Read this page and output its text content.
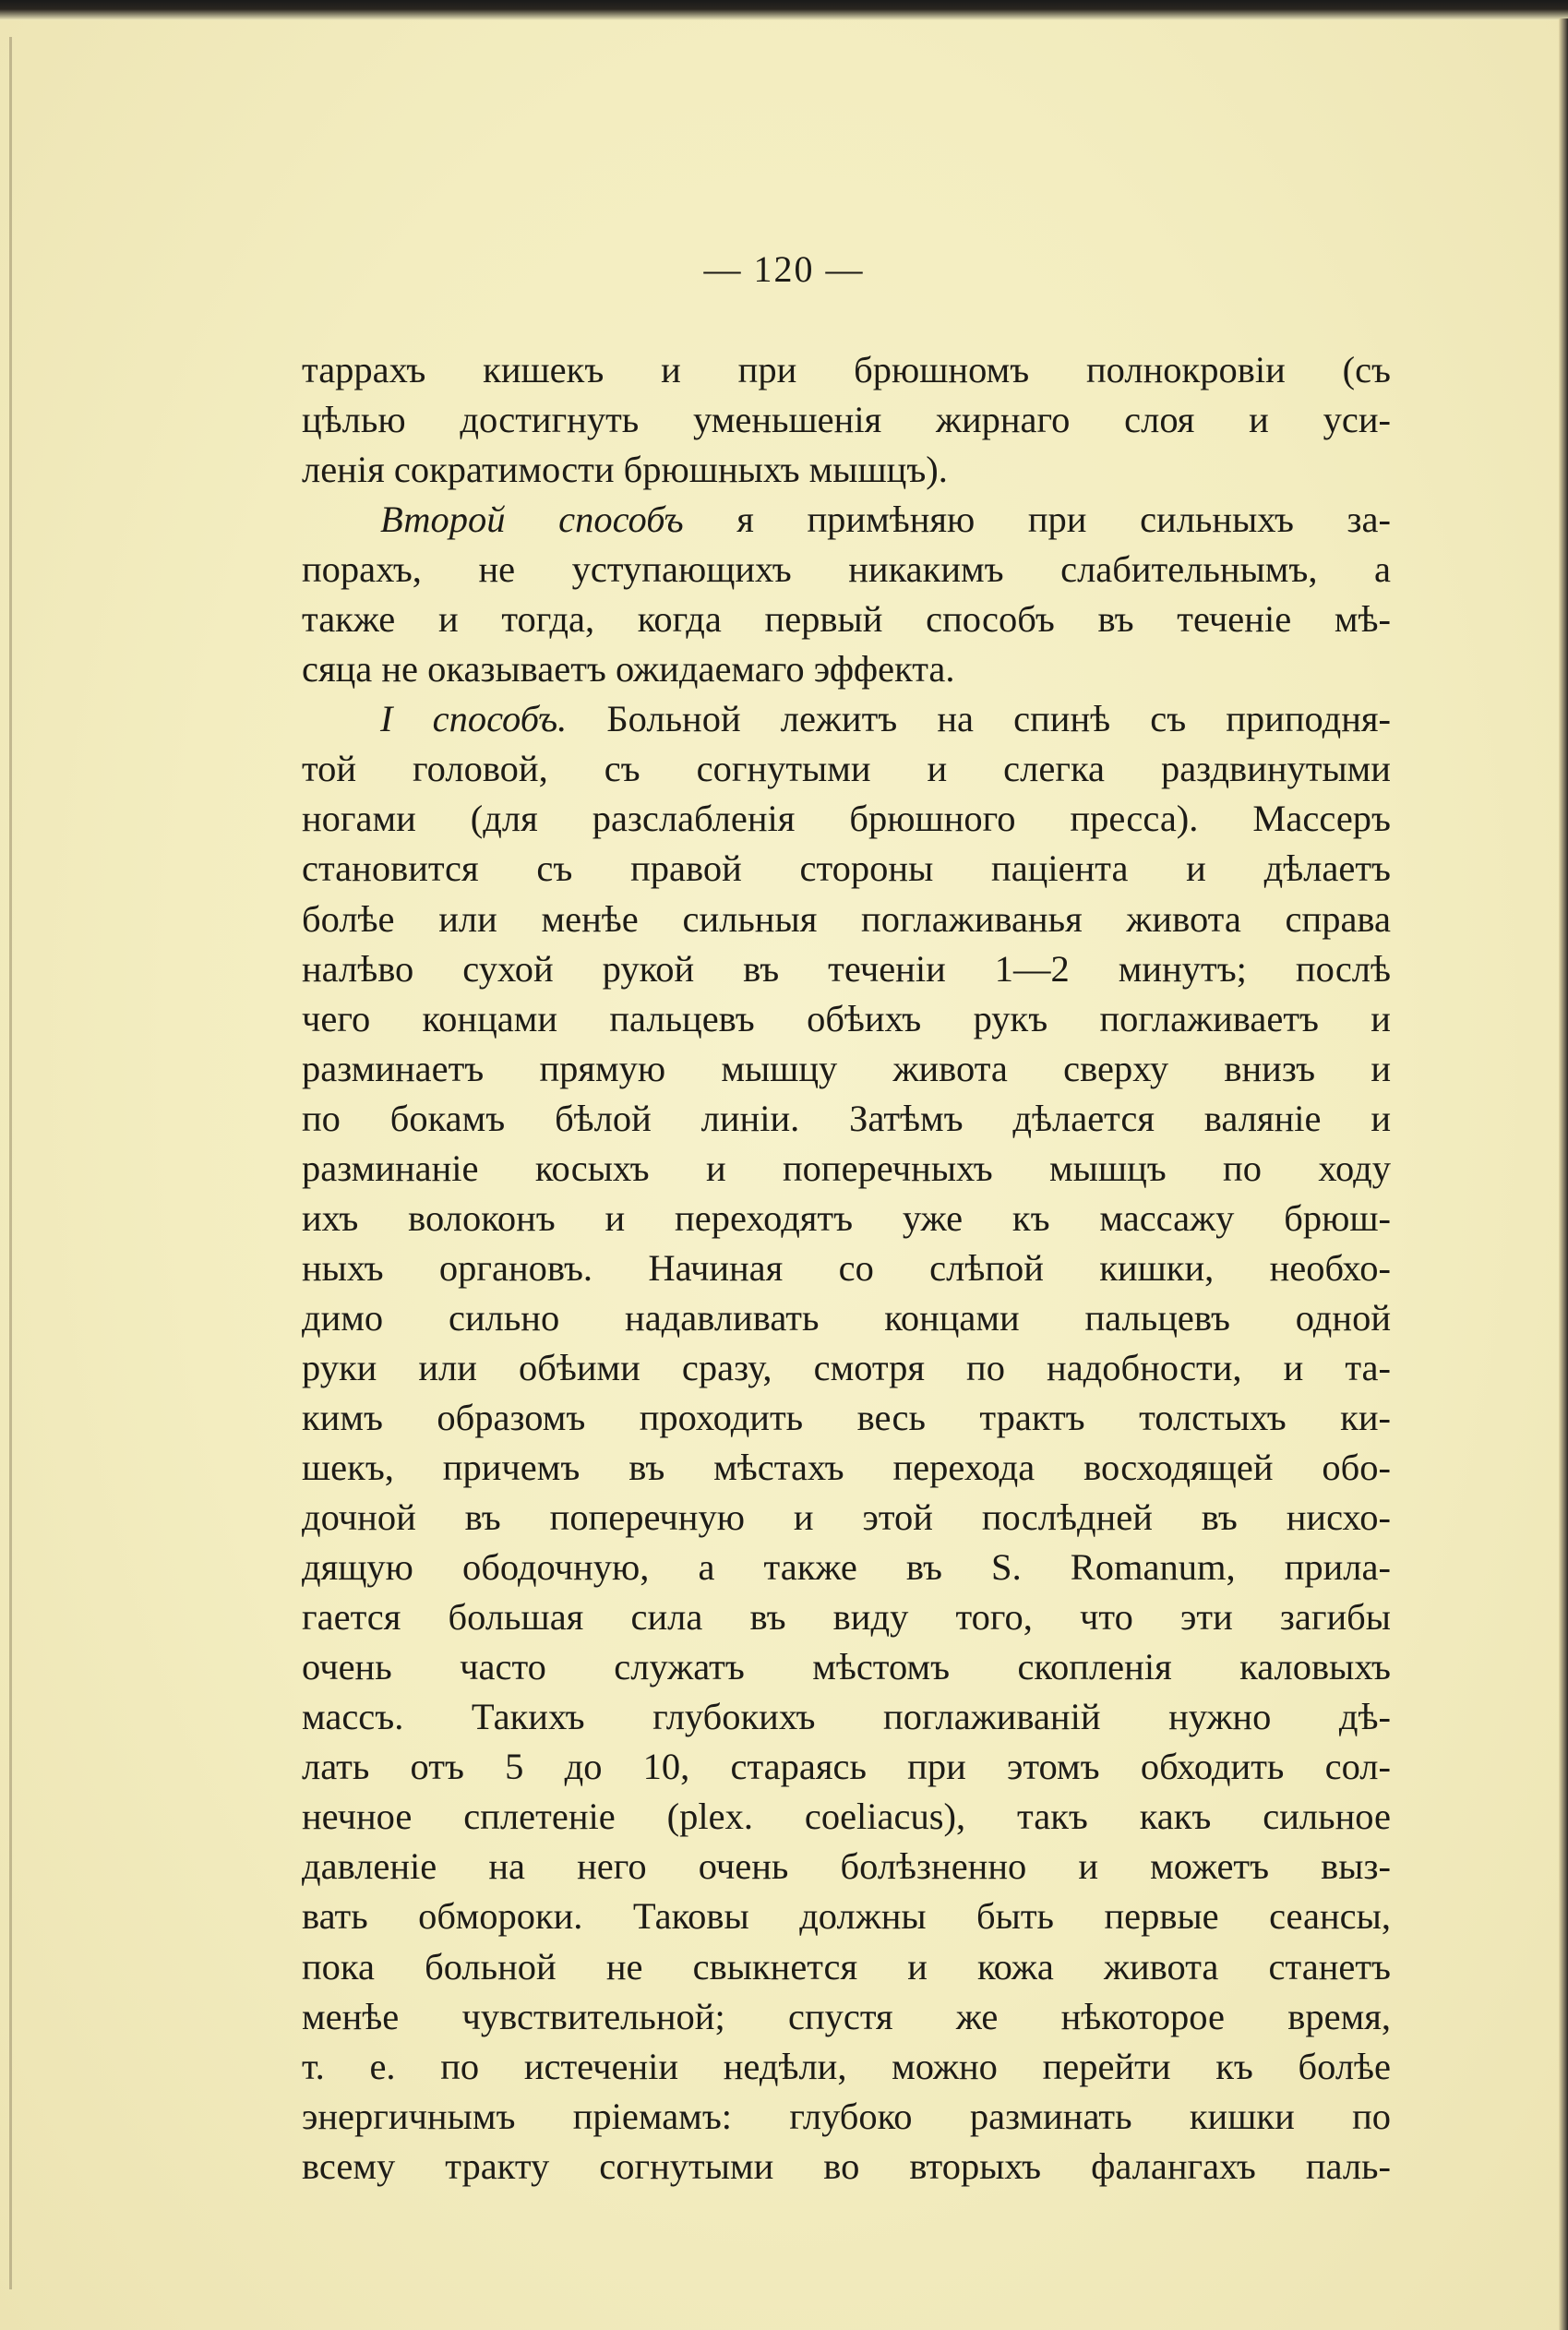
— 120 —
таррахъ кишекъ и при брюшномъ полнокровіи (съ
цѣлью достигнуть уменьшенія жирнаго слоя и уси-
ленія сократимости брюшныхъ мышцъ).
Второй способъ я примѣняю при сильныхъ за-
порахъ, не уступающихъ никакимъ слабительнымъ, а
также и тогда, когда первый способъ въ теченіе мѣ-
сяца не оказываетъ ожидаемаго эффекта.
I способъ. Больной лежитъ на спинѣ съ приподня-
той головой, съ согнутыми и слегка раздвинутыми
ногами (для разслабленія брюшного пресса). Массеръ
становится съ правой стороны паціента и дѣлаетъ
болѣе или менѣе сильныя поглаживанья живота справа
налѣво сухой рукой въ теченіи 1—2 минутъ; послѣ
чего концами пальцевъ обѣихъ рукъ поглаживаетъ и
разминаетъ прямую мышцу живота сверху внизъ и
по бокамъ бѣлой линіи. Затѣмъ дѣлается валяніе и
разминаніе косыхъ и поперечныхъ мышцъ по ходу
ихъ волоконъ и переходятъ уже къ массажу брюш-
ныхъ органовъ. Начиная со слѣпой кишки, необхо-
димо сильно надавливать концами пальцевъ одной
руки или обѣими сразу, смотря по надобности, и та-
кимъ образомъ проходить весь трактъ толстыхъ ки-
шекъ, причемъ въ мѣстахъ перехода восходящей обо-
дочной въ поперечную и этой послѣдней въ нисхо-
дящую ободочную, а также въ S. Romanum, прила-
гается большая сила въ виду того, что эти загибы
очень часто служатъ мѣстомъ скопленія каловыхъ
массъ. Такихъ глубокихъ поглаживаній нужно дѣ-
лать отъ 5 до 10, стараясь при этомъ обходить сол-
нечное сплетеніе (plex. coeliacus), такъ какъ сильное
давленіе на него очень болѣзненно и можетъ выз-
вать обмороки. Таковы должны быть первые сеансы,
пока больной не свыкнется и кожа живота станетъ
менѣе чувствительной; спустя же нѣкоторое время,
т. е. по истеченіи недѣли, можно перейти къ болѣе
энергичнымъ пріемамъ: глубоко разминать кишки по
всему тракту согнутыми во вторыхъ фалангахъ паль-
